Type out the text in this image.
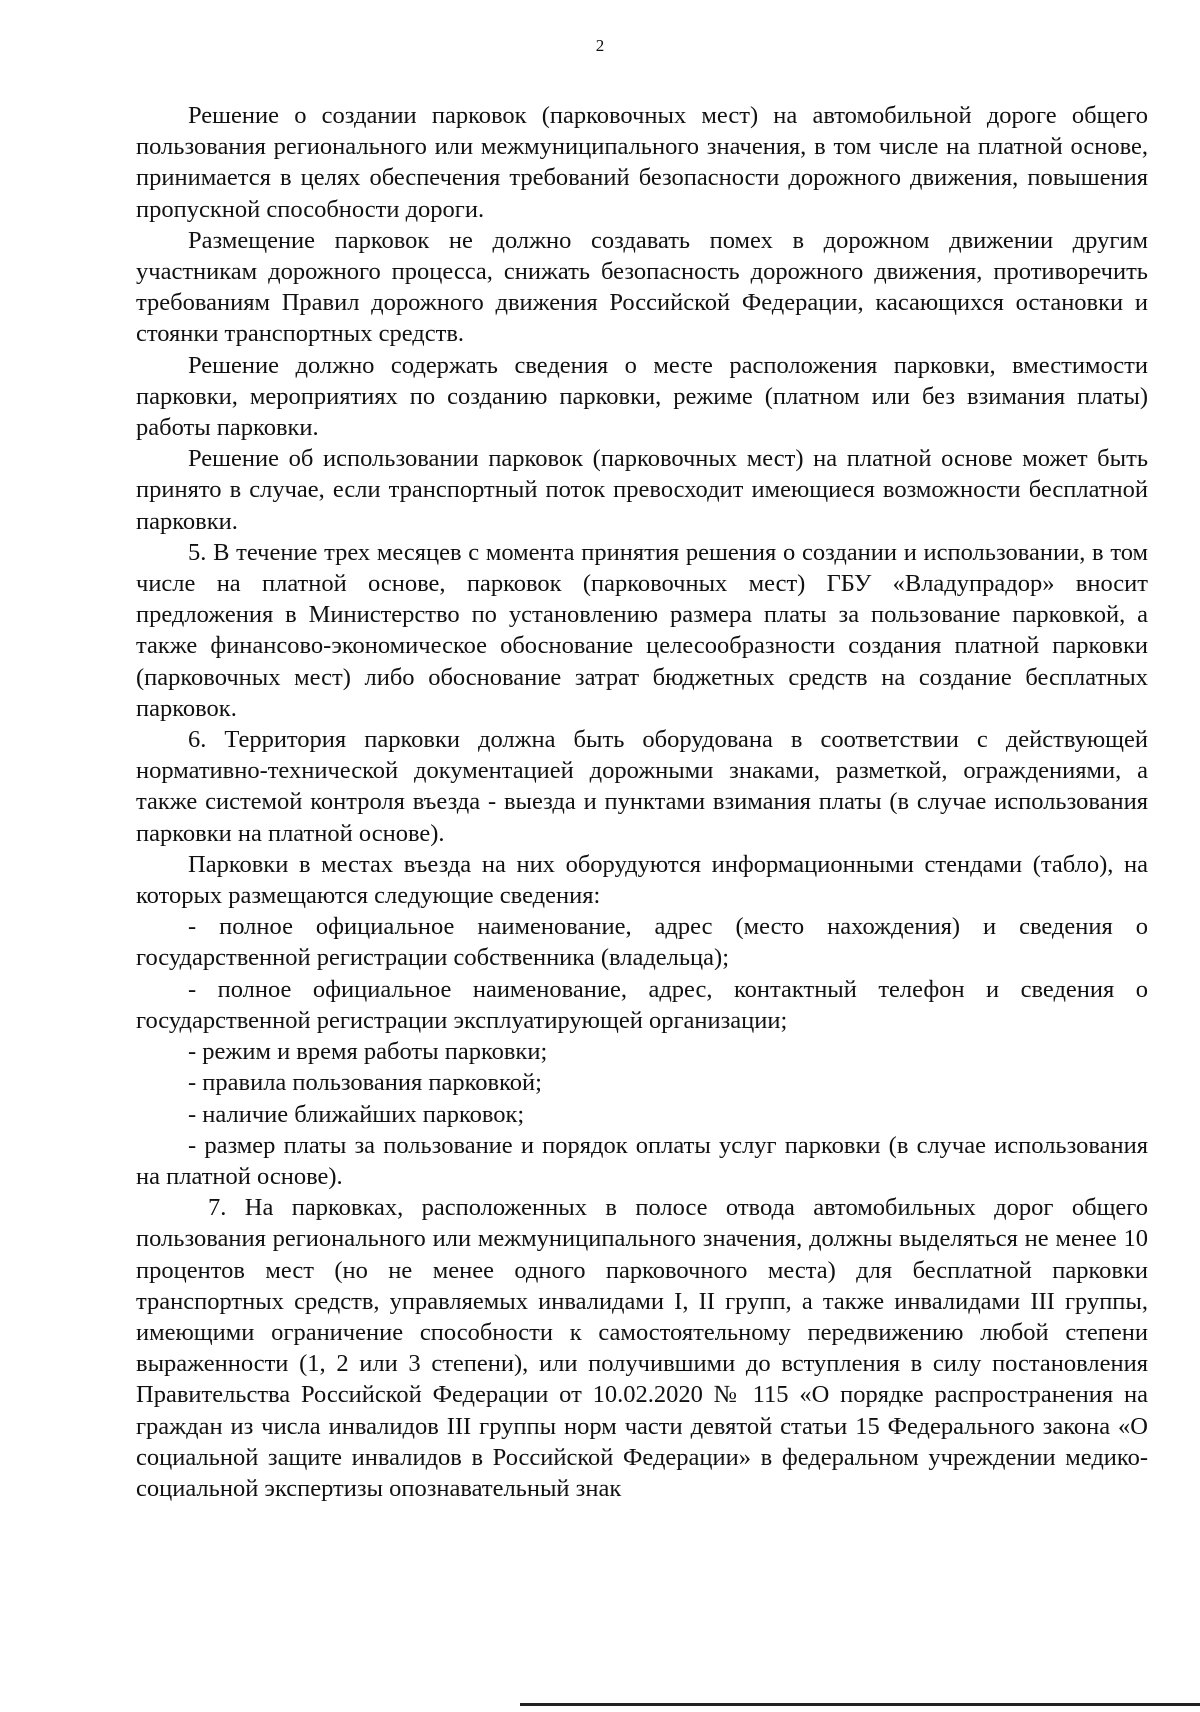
2

Решение о создании парковок (парковочных мест) на автомобильной дороге общего пользования регионального или межмуниципального значения, в том числе на платной основе, принимается в целях обеспечения требований безопасности дорожного движения, повышения пропускной способности дороги.

Размещение парковок не должно создавать помех в дорожном движении другим участникам дорожного процесса, снижать безопасность дорожного движения, противоречить требованиям Правил дорожного движения Российской Федерации, касающихся остановки и стоянки транспортных средств.

Решение должно содержать сведения о месте расположения парковки, вместимости парковки, мероприятиях по созданию парковки, режиме (платном или без взимания платы) работы парковки.

Решение об использовании парковок (парковочных мест) на платной основе может быть принято в случае, если транспортный поток превосходит имеющиеся возможности бесплатной парковки.

5. В течение трех месяцев с момента принятия решения о создании и использовании, в том числе на платной основе, парковок (парковочных мест) ГБУ «Владупрадор» вносит предложения в Министерство по установлению размера платы за пользование парковкой, а также финансово-экономическое обоснование целесообразности создания платной парковки (парковочных мест) либо обоснование затрат бюджетных средств на создание бесплатных парковок.

6. Территория парковки должна быть оборудована в соответствии с действующей нормативно-технической документацией дорожными знаками, разметкой, ограждениями, а также системой контроля въезда - выезда и пунктами взимания платы (в случае использования парковки на платной основе).

Парковки в местах въезда на них оборудуются информационными стендами (табло), на которых размещаются следующие сведения:

- полное официальное наименование, адрес (место нахождения) и сведения о государственной регистрации собственника (владельца);

- полное официальное наименование, адрес, контактный телефон и сведения о государственной регистрации эксплуатирующей организации;

- режим и время работы парковки;

- правила пользования парковкой;

- наличие ближайших парковок;

- размер платы за пользование и порядок оплаты услуг парковки (в случае использования на платной основе).

7. На парковках, расположенных в полосе отвода автомобильных дорог общего пользования регионального или межмуниципального значения, должны выделяться не менее 10 процентов мест (но не менее одного парковочного места) для бесплатной парковки транспортных средств, управляемых инвалидами I, II групп, а также инвалидами III группы, имеющими ограничение способности к самостоятельному передвижению любой степени выраженности (1, 2 или 3 степени), или получившими до вступления в силу постановления Правительства Российской Федерации от 10.02.2020 № 115 «О порядке распространения на граждан из числа инвалидов III группы норм части девятой статьи 15 Федерального закона «О социальной защите инвалидов в Российской Федерации» в федеральном учреждении медико-социальной экспертизы опознавательный знак
